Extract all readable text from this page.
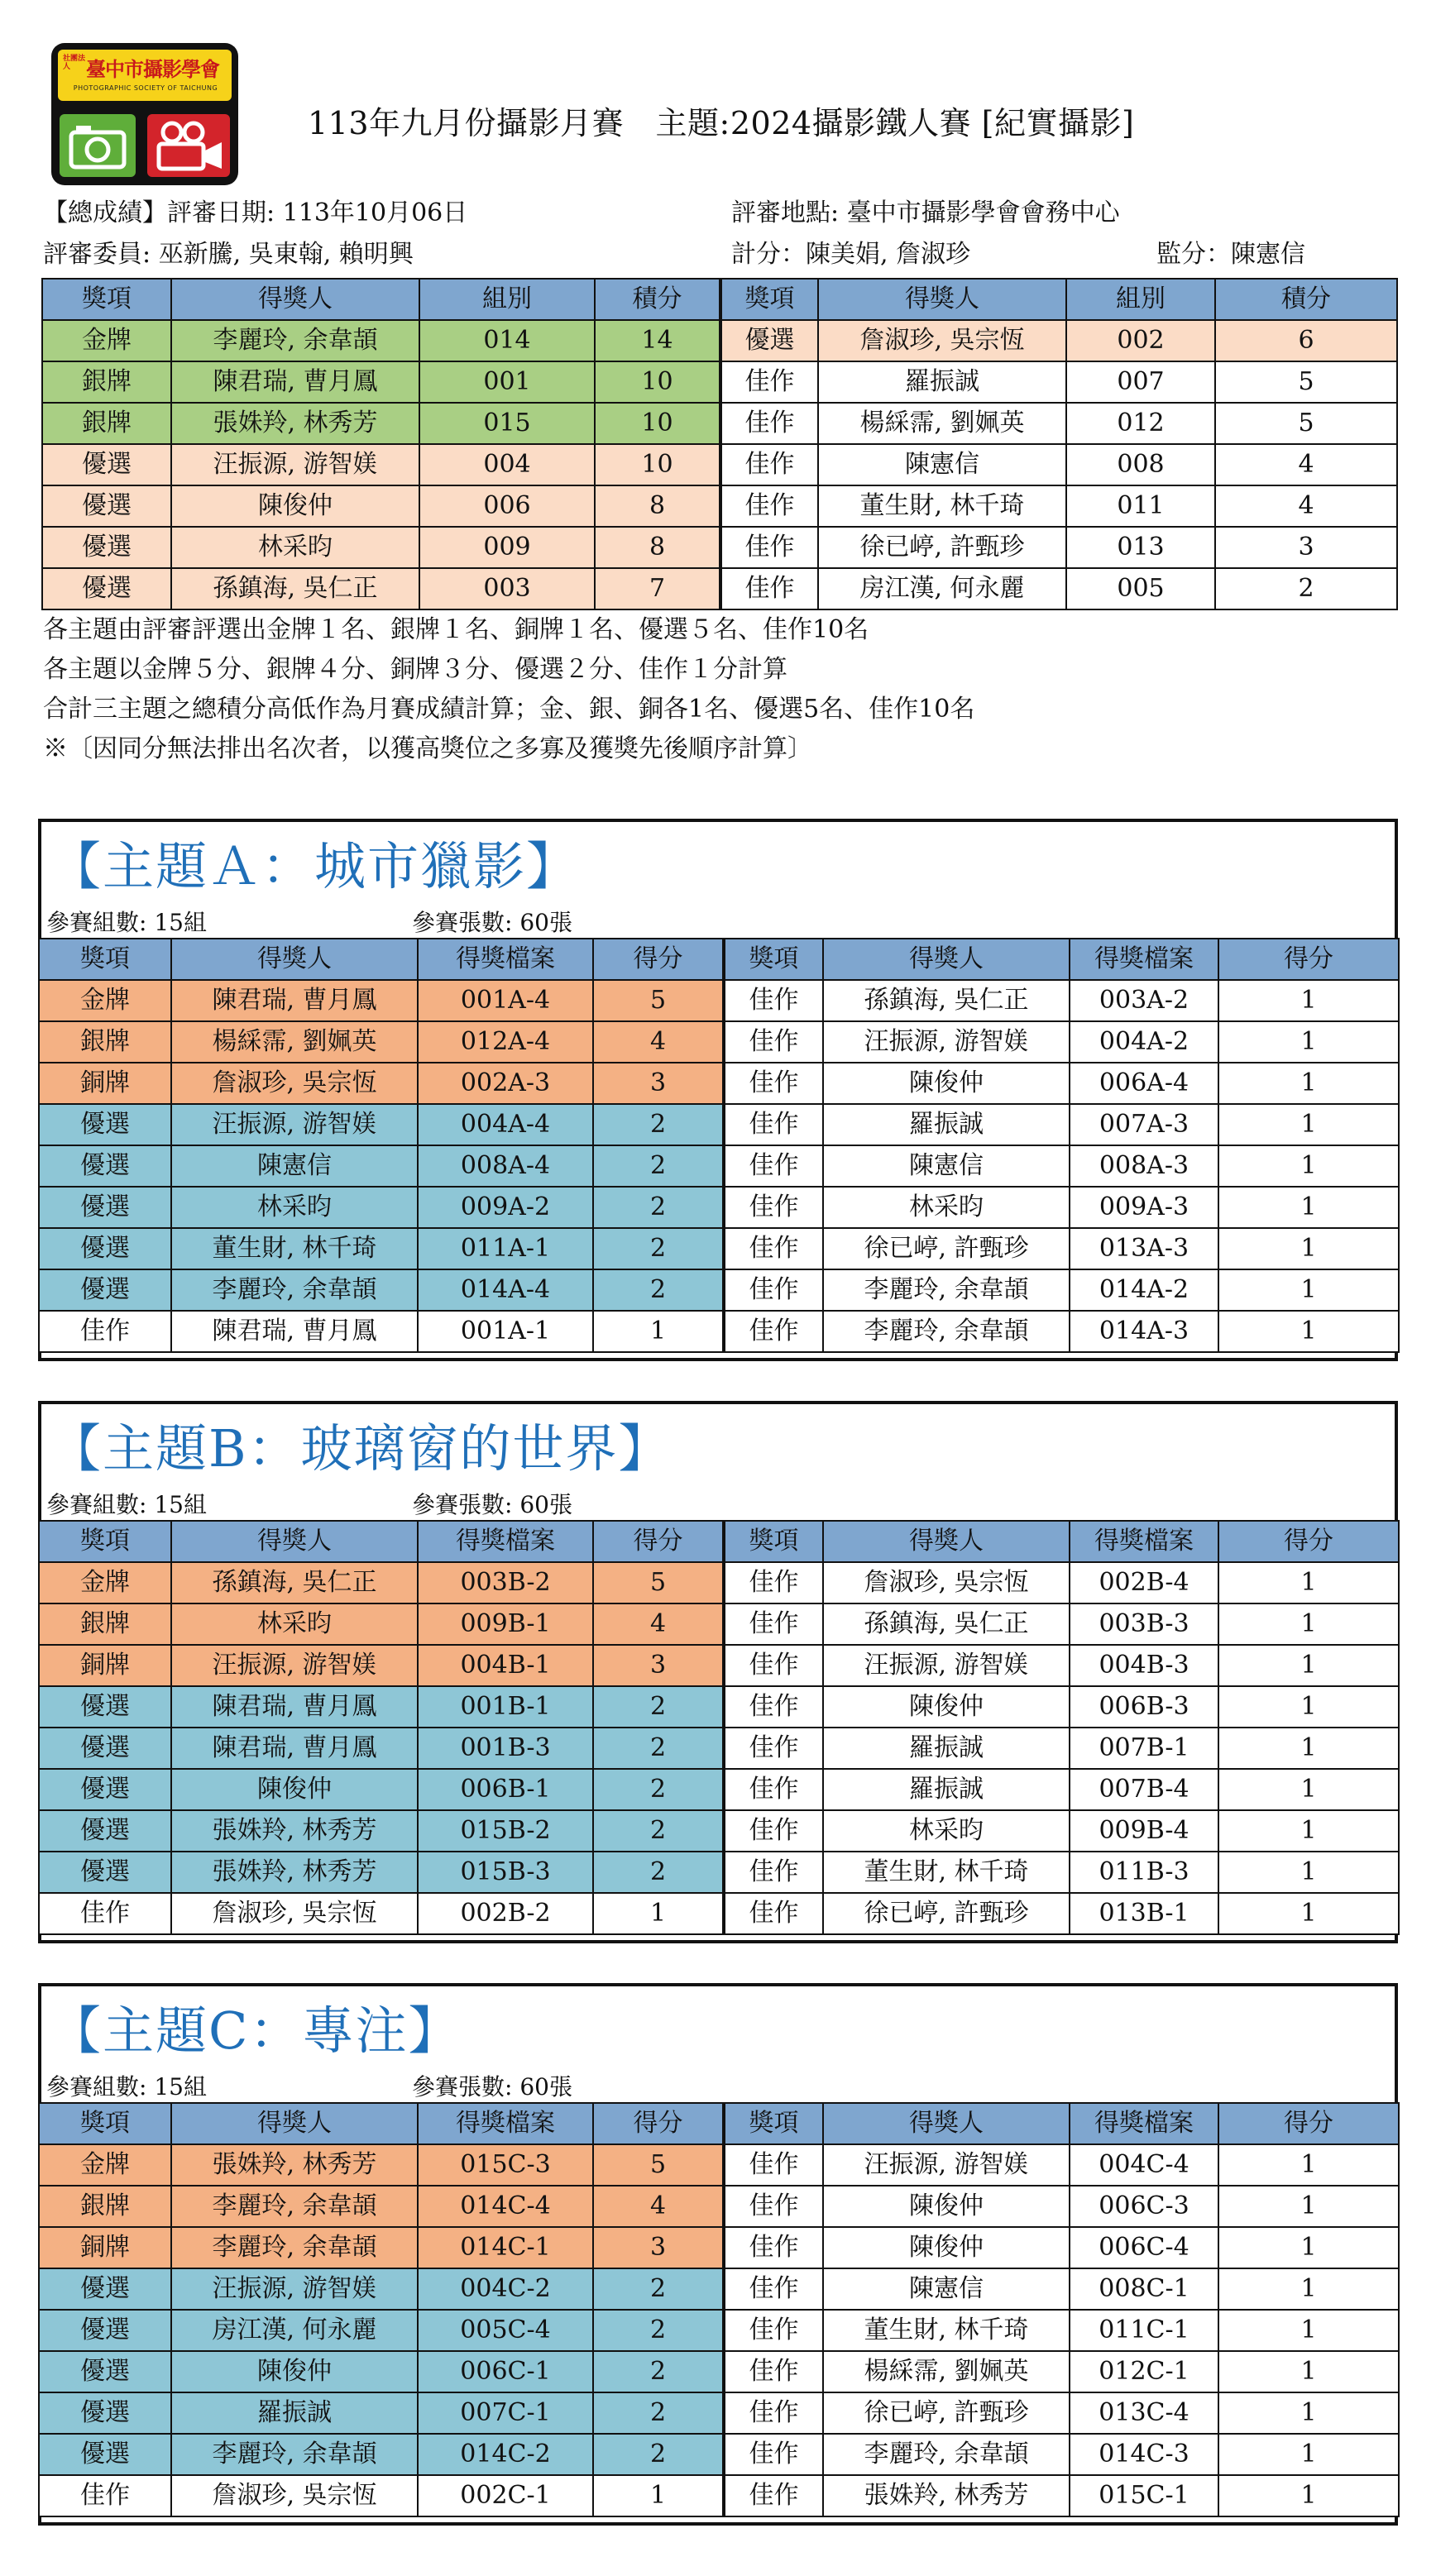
社團法人 臺中市攝影學會
PHOTOGRAPHIC SOCIETY OF TAICHUNG
113年九月份攝影月賽　主題:2024攝影鐵人賽 [紀實攝影]
【總成績】評審日期: 113年10月06日	評審地點: 臺中市攝影學會會務中心
評審委員: 巫新騰, 吳東翰, 賴明興	計分：陳美娟, 詹淑珍	監分：陳憲信
獎項	得獎人	組別	積分	獎項	得獎人	組別	積分
金牌	李麗玲, 余韋頡	014	14	優選	詹淑珍, 吳宗恆	002	6
銀牌	陳君瑞, 曹月鳳	001	10	佳作	羅振誠	007	5
銀牌	張姝羚, 林秀芳	015	10	佳作	楊綵霈, 劉姵英	012	5
優選	汪振源, 游智媄	004	10	佳作	陳憲信	008	4
優選	陳俊仲	006	8	佳作	董生財, 林千琦	011	4
優選	林采昀	009	8	佳作	徐已嵉, 許甄珍	013	3
優選	孫鎮海, 吳仁正	003	7	佳作	房江漢, 何永麗	005	2
各主題由評審評選出金牌１名、銀牌１名、銅牌１名、優選５名、佳作10名
各主題以金牌５分、銀牌４分、銅牌３分、優選２分、佳作１分計算
合計三主題之總積分高低作為月賽成績計算；金、銀、銅各1名、優選5名、佳作10名
※〔因同分無法排出名次者，以獲高獎位之多寡及獲獎先後順序計算〕
【主題Ａ：城市獵影】
參賽組數: 15組	參賽張數: 60張
獎項	得獎人	得獎檔案	得分	獎項	得獎人	得獎檔案	得分
金牌	陳君瑞, 曹月鳳	001A-4	5	佳作	孫鎮海, 吳仁正	003A-2	1
銀牌	楊綵霈, 劉姵英	012A-4	4	佳作	汪振源, 游智媄	004A-2	1
銅牌	詹淑珍, 吳宗恆	002A-3	3	佳作	陳俊仲	006A-4	1
優選	汪振源, 游智媄	004A-4	2	佳作	羅振誠	007A-3	1
優選	陳憲信	008A-4	2	佳作	陳憲信	008A-3	1
優選	林采昀	009A-2	2	佳作	林采昀	009A-3	1
優選	董生財, 林千琦	011A-1	2	佳作	徐已嵉, 許甄珍	013A-3	1
優選	李麗玲, 余韋頡	014A-4	2	佳作	李麗玲, 余韋頡	014A-2	1
佳作	陳君瑞, 曹月鳳	001A-1	1	佳作	李麗玲, 余韋頡	014A-3	1
【主題B：玻璃窗的世界】
參賽組數: 15組	參賽張數: 60張
獎項	得獎人	得獎檔案	得分	獎項	得獎人	得獎檔案	得分
金牌	孫鎮海, 吳仁正	003B-2	5	佳作	詹淑珍, 吳宗恆	002B-4	1
銀牌	林采昀	009B-1	4	佳作	孫鎮海, 吳仁正	003B-3	1
銅牌	汪振源, 游智媄	004B-1	3	佳作	汪振源, 游智媄	004B-3	1
優選	陳君瑞, 曹月鳳	001B-1	2	佳作	陳俊仲	006B-3	1
優選	陳君瑞, 曹月鳳	001B-3	2	佳作	羅振誠	007B-1	1
優選	陳俊仲	006B-1	2	佳作	羅振誠	007B-4	1
優選	張姝羚, 林秀芳	015B-2	2	佳作	林采昀	009B-4	1
優選	張姝羚, 林秀芳	015B-3	2	佳作	董生財, 林千琦	011B-3	1
佳作	詹淑珍, 吳宗恆	002B-2	1	佳作	徐已嵉, 許甄珍	013B-1	1
【主題C：專注】
參賽組數: 15組	參賽張數: 60張
獎項	得獎人	得獎檔案	得分	獎項	得獎人	得獎檔案	得分
金牌	張姝羚, 林秀芳	015C-3	5	佳作	汪振源, 游智媄	004C-4	1
銀牌	李麗玲, 余韋頡	014C-4	4	佳作	陳俊仲	006C-3	1
銅牌	李麗玲, 余韋頡	014C-1	3	佳作	陳俊仲	006C-4	1
優選	汪振源, 游智媄	004C-2	2	佳作	陳憲信	008C-1	1
優選	房江漢, 何永麗	005C-4	2	佳作	董生財, 林千琦	011C-1	1
優選	陳俊仲	006C-1	2	佳作	楊綵霈, 劉姵英	012C-1	1
優選	羅振誠	007C-1	2	佳作	徐已嵉, 許甄珍	013C-4	1
優選	李麗玲, 余韋頡	014C-2	2	佳作	李麗玲, 余韋頡	014C-3	1
佳作	詹淑珍, 吳宗恆	002C-1	1	佳作	張姝羚, 林秀芳	015C-1	1
